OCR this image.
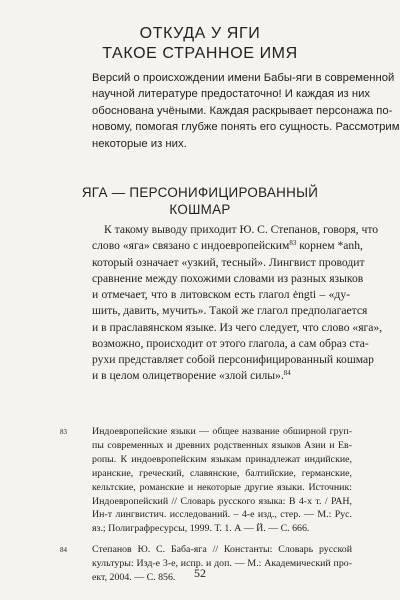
ОТКУДА У ЯГИ
ТАКОЕ СТРАННОЕ ИМЯ
Версий о происхождении имени Бабы-яги в современной
научной литературе предостаточно! И каждая из них
обоснована учёными. Каждая раскрывает персонажа по-
новому, помогая глубже понять его сущность. Рассмотрим
некоторые из них.
ЯГА — ПЕРСОНИФИЦИРОВАННЫЙ
КОШМАР
К такому выводу приходит Ю. С. Степанов, говоря, что
слово «яга» связано с индоевропейским$^{83}$ корнем *anh,
который означает «узкий, тесный». Лингвист проводит
сравнение между похожими словами из разных языков
и отмечает, что в литовском есть глагол ėngti – «ду-
шить, давить, мучить». Такой же глагол предполагается
и в праславянском языке. Из чего следует, что слово «яга»,
возможно, происходит от этого глагола, а сам образ ста-
рухи представляет собой персонифицированный кошмар
и в целом олицетворение «злой силы».$^{84}$
83	Индоевропейские языки — общее название обширной груп-
пы современных и древних родственных языков Азии и Ев-
ропы. К индоевропейским языкам принадлежат индийские,
иранские, греческий, славянские, балтийские, германские,
кельтские, романские и некоторые другие языки. Источник:
Индоевропейский // Словарь русского языка: В 4-х т. / РАН,
Ин-т лингвистич. исследований. – 4-е изд., стер. — М.: Рус.
яз.; Полиграфресурсы, 1999. Т. 1. А — Й. — С. 666.
84	Степанов Ю. С. Баба-яга // Константы: Словарь русской
культуры: Изд-е 3-е, испр. и доп. — М.: Академический про-
ект, 2004. — С. 856.	52
